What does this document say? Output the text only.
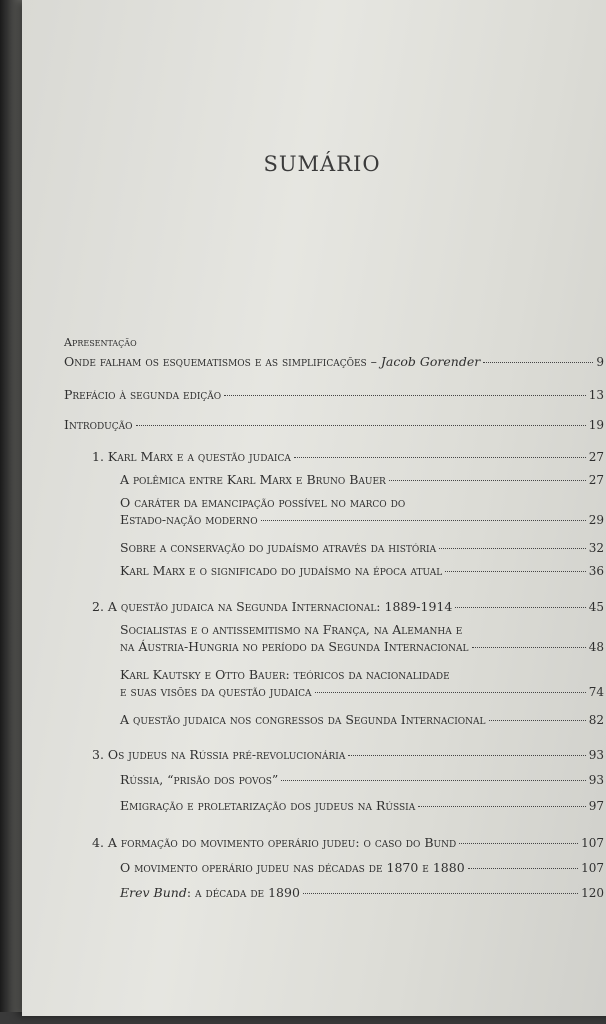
SUMÁRIO
Apresentação
Onde falham os esquematismos e as simplificações – Jacob Gorender	9
Prefácio à segunda edição	13
Introdução	19
1. Karl Marx e a questão judaica	27
A polêmica entre Karl Marx e Bruno Bauer	27
O caráter da emancipação possível no marco do
Estado-nação moderno	29
Sobre a conservação do judaísmo através da história	32
Karl Marx e o significado do judaísmo na época atual	36
2. A questão judaica na Segunda Internacional: 1889-1914	45
Socialistas e o antissemitismo na França, na Alemanha e
na Áustria-Hungria no período da Segunda Internacional	48
Karl Kautsky e Otto Bauer: teóricos da nacionalidade
e suas visões da questão judaica	74
A questão judaica nos congressos da Segunda Internacional	82
3. Os judeus na Rússia pré-revolucionária	93
Rússia, “prisão dos povos”	93
Emigração e proletarização dos judeus na Rússia	97
4. A formação do movimento operário judeu: o caso do Bund	107
O movimento operário judeu nas décadas de 1870 e 1880	107
Erev Bund: a década de 1890	120
